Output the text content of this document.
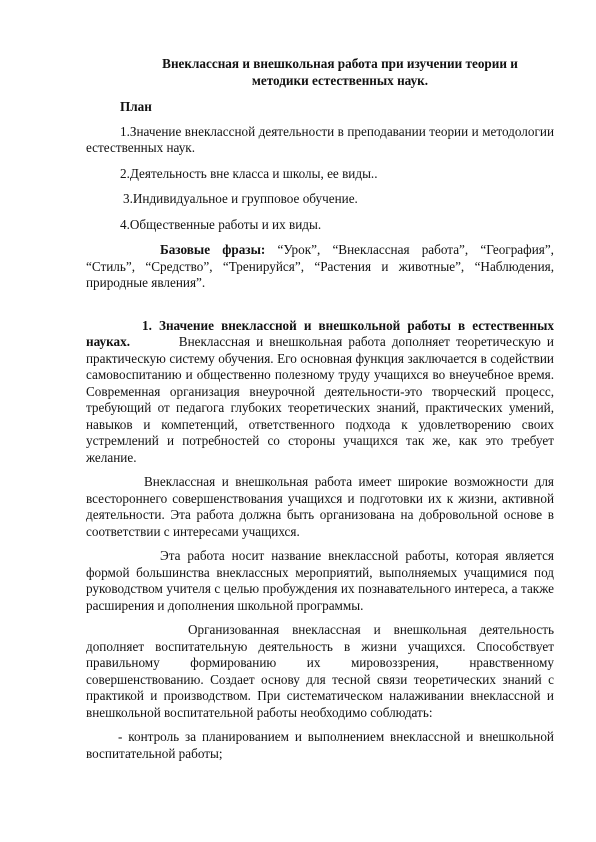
Внеклассная и внешкольная работа при изучении теории и
методики естественных наук.
План
1.Значение внеклассной деятельности в преподавании теории и методологии естественных наук.
2.Деятельность вне класса и школы, ее виды..
3.Индивидуальное и групповое обучение.
4.Общественные работы и их виды.
Базовые фразы: “Урок”, “Внеклассная работа”, “География”, “Стиль”, “Средство”, “Тренируйся”, “Растения и животные”, “Наблюдения, природные явления”.
1. Значение внеклассной и внешкольной работы в естественных науках.	Внеклассная и внешкольная работа дополняет теоретическую и практическую систему обучения. Его основная функция заключается в содействии самовоспитанию и общественно полезному труду учащихся во внеучебное время. Современная организация внеурочной деятельности-это творческий процесс, требующий от педагога глубоких теоретических знаний, практических умений, навыков и компетенций, ответственного подхода к удовлетворению своих устремлений и потребностей со стороны учащихся так же, как это требует желание.
Внеклассная и внешкольная работа имеет широкие возможности для всестороннего совершенствования учащихся и подготовки их к жизни, активной деятельности. Эта работа должна быть организована на добровольной основе в соответствии с интересами учащихся.
Эта работа носит название внеклассной работы, которая является формой большинства внеклассных мероприятий, выполняемых учащимися под руководством учителя с целью пробуждения их познавательного интереса, а также расширения и дополнения школьной программы.
Организованная внеклассная и внешкольная деятельность дополняет воспитательную деятельность в жизни учащихся. Способствует правильному формированию их мировоззрения, нравственному совершенствованию. Создает основу для тесной связи теоретических знаний с практикой и производством. При систематическом налаживании внеклассной и внешкольной воспитательной работы необходимо соблюдать:
- контроль за планированием и выполнением внеклассной и внешкольной воспитательной работы;
